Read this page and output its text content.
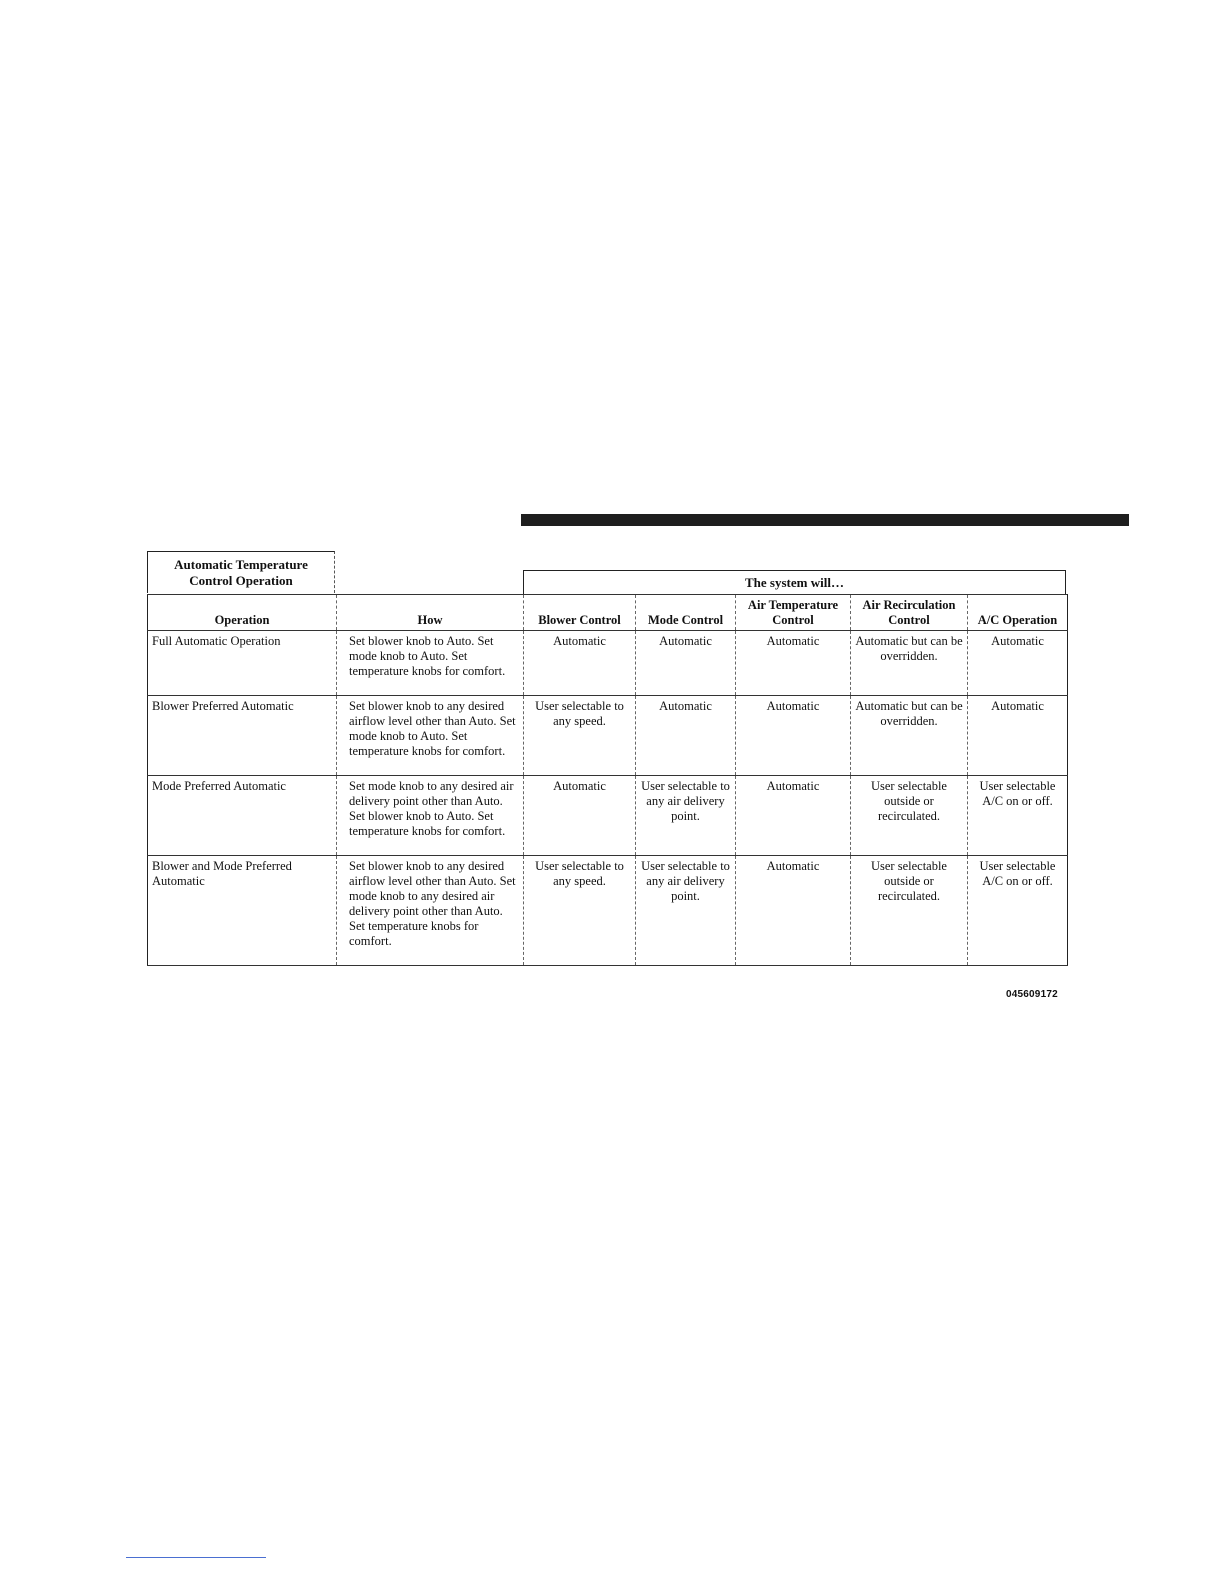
Automatic Temperature
Control Operation	The system will…
Operation	How	Blower Control	Mode Control	Air Temperature Control	Air Recirculation Control	A/C Operation
Full Automatic Operation	Set blower knob to Auto. Set mode knob to Auto. Set temperature knobs for comfort.	Automatic	Automatic	Automatic	Automatic but can be overridden.	Automatic
Blower Preferred Automatic	Set blower knob to any desired airflow level other than Auto. Set mode knob to Auto. Set temperature knobs for comfort.	User selectable to any speed.	Automatic	Automatic	Automatic but can be overridden.	Automatic
Mode Preferred Automatic	Set mode knob to any desired air delivery point other than Auto. Set blower knob to Auto. Set temperature knobs for comfort.	Automatic	User selectable to any air delivery point.	Automatic	User selectable outside or recirculated.	User selectable A/C on or off.
Blower and Mode Preferred Automatic	Set blower knob to any desired airflow level other than Auto. Set mode knob to any desired air delivery point other than Auto. Set temperature knobs for comfort.	User selectable to any speed.	User selectable to any air delivery point.	Automatic	User selectable outside or recirculated.	User selectable A/C on or off.
045609172
